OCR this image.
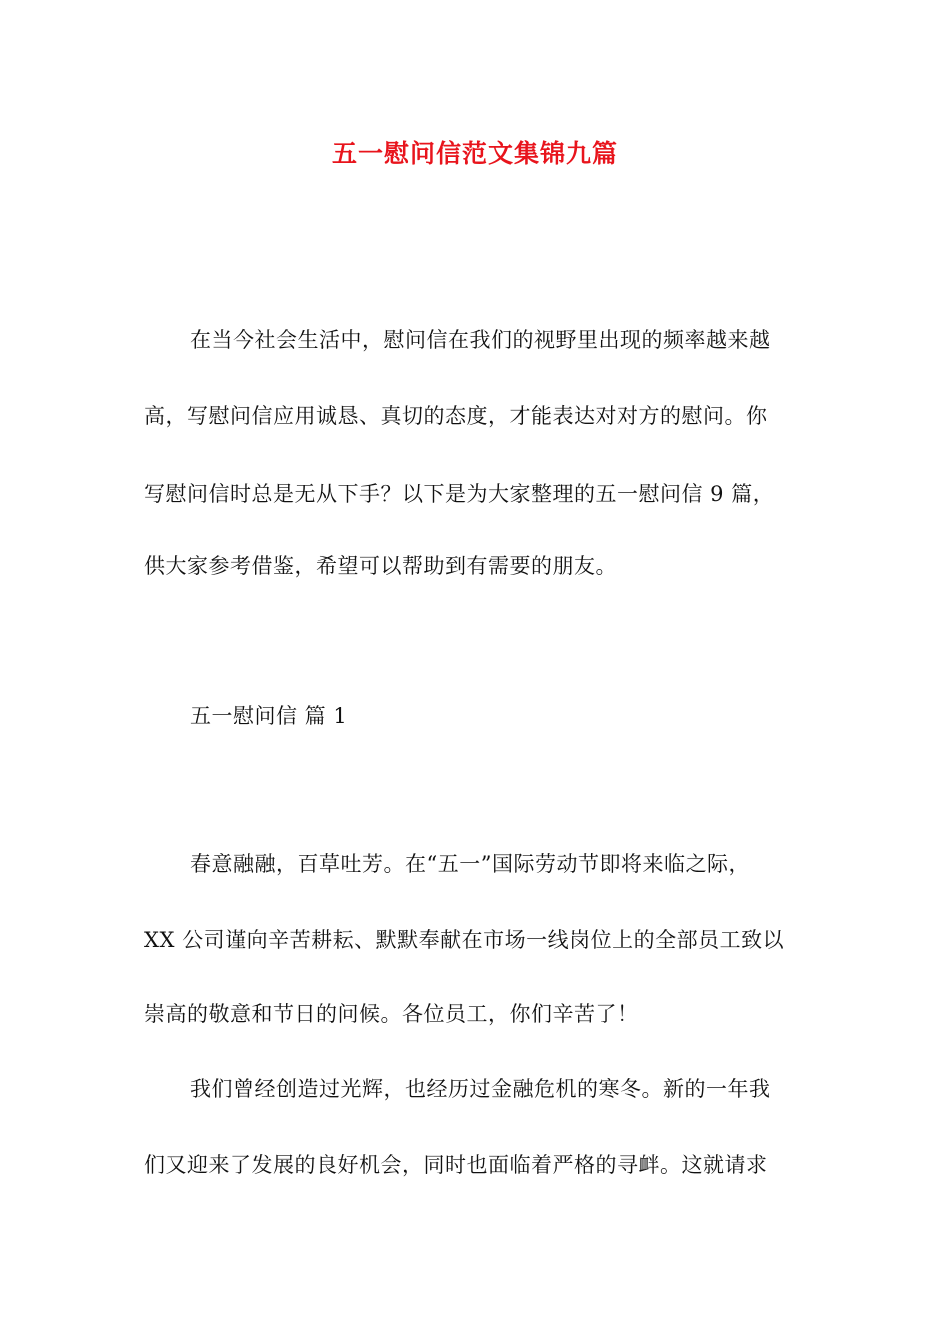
五一慰问信范文集锦九篇
在当今社会生活中，慰问信在我们的视野里出现的频率越来越
高，写慰问信应用诚恳、真切的态度，才能表达对对方的慰问。你
写慰问信时总是无从下手？以下是为大家整理的五一慰问信 9 篇，
供大家参考借鉴，希望可以帮助到有需要的朋友。
五一慰问信 篇 1
春意融融，百草吐芳。在“五一”国际劳动节即将来临之际，
XX 公司谨向辛苦耕耘、默默奉献在市场一线岗位上的全部员工致以
崇高的敬意和节日的问候。各位员工，你们辛苦了！
我们曾经创造过光辉，也经历过金融危机的寒冬。新的一年我
们又迎来了发展的良好机会，同时也面临着严格的寻衅。这就请求
